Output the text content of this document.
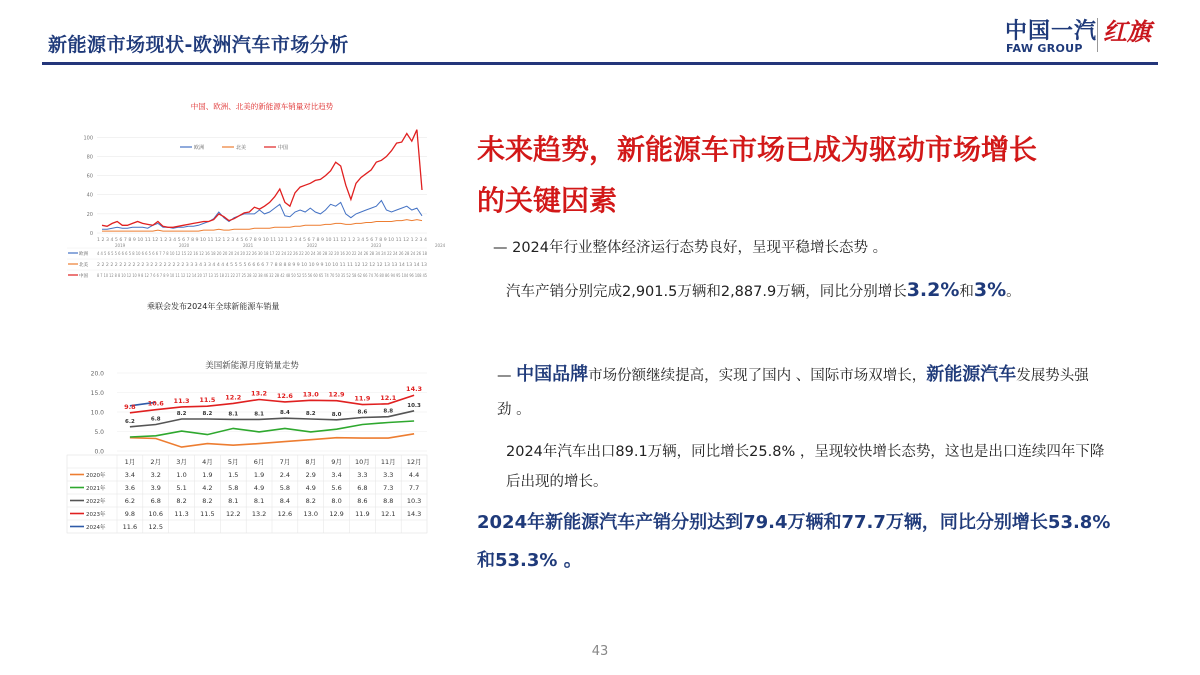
新能源市场现状-欧洲汽车市场分析
中国一汽
FAW GROUP
红旗
中国、欧洲、北美的新能源车销量对比趋势
0
20
40
60
80
100
欧洲	北美	中国
1 2 3 4 5 6 7 8 9 10 11 12 1 2 3 4 5 6 7 8 9 10 11 12 1 2 3 4 5 6 7 8 9 10 11 12 1 2 3 4 5 6 7 8 9 10 11 12 1 2 3 4 5 6 7 8 9 10 11 12 1 2 3 4
2019	2020	2021	2022	2023	2024
欧洲 4 4 5 6 5 5 6 6 6 5 8 10 6 6 5 6 6 7 7 8 10 12 15 22 16 12 16 18 20 20 20 24 20 22 26 30 18 17 22 24 22 26 22 20 24 30 28 32 20 16 20 22 24 26 28 34 24 22 24 26 28 24 26 18
北美 2 2 2 2 2 2 2 2 2 2 2 3 2 2 2 2 2 2 2 2 3 3 3 4 3 3 4 4 4 4 5 5 5 5 6 6 6 6 7 7 8 8 8 8 9 9 10 10 9 9 10 10 11 11 12 12 12 12 13 13 14 13 14 13
中国 8 7 10 12 8 8 10 12 10 9 8 12 7 6 6 7 8 9 10 11 12 12 14 20 17 13 15 18 21 22 27 25 28 32 38 46 32 28 42 48 50 52 55 56 60 65 74 70 50 35 52 58 62 66 74 76 80 86 94 95 104 96 108 45
乘联会发布2024年全球新能源车销量
美国新能源月度销量走势
0.0
5.0
10.0
15.0
20.0
9.8 10.6 11.3 11.5 12.2 13.2 12.6 13.0 12.9 11.9 12.1
14.3
6.2	6.8
8.2	8.2	8.1	8.1	8.4	8.2	8.0	8.6	8.8
10.3
1月 2月 3月 4月 5月 6月 7月 8月 9月 10月 11月 12月
2020年	3.4 3.2 1.0 1.9 1.5 1.9 2.4 2.9 3.4 3.3 3.3 4.4
2021年	3.6 3.9 5.1 4.2 5.8 4.9 5.8 4.9 5.6 6.8 7.3 7.7
2022年	6.2 6.8 8.2 8.2 8.1 8.1 8.4 8.2 8.0 8.6 8.8 10.3
2023年	9.8 10.6 11.3 11.5 12.2 13.2 12.6 13.0 12.9 11.9 12.1 14.3
2024年	11.6 12.5
未来趋势，新能源车市场已成为驱动市场增长
的关键因素
— 2024年行业整体经济运行态势良好，呈现平稳增长态势 。
汽车产销分别完成2,901.5万辆和2,887.9万辆，同比分别增长3.2%和3%。
— 中国品牌市场份额继续提高，实现了国内 、国际市场双增长，新能源汽车发展势头强劲 。
2024年汽车出口89.1万辆，同比增长25.8% ，呈现较快增长态势，这也是出口连续四年下降后出现的增长。
2024年新能源汽车产销分别达到79.4万辆和77.7万辆，同比分别增长53.8%和53.3% 。
43
